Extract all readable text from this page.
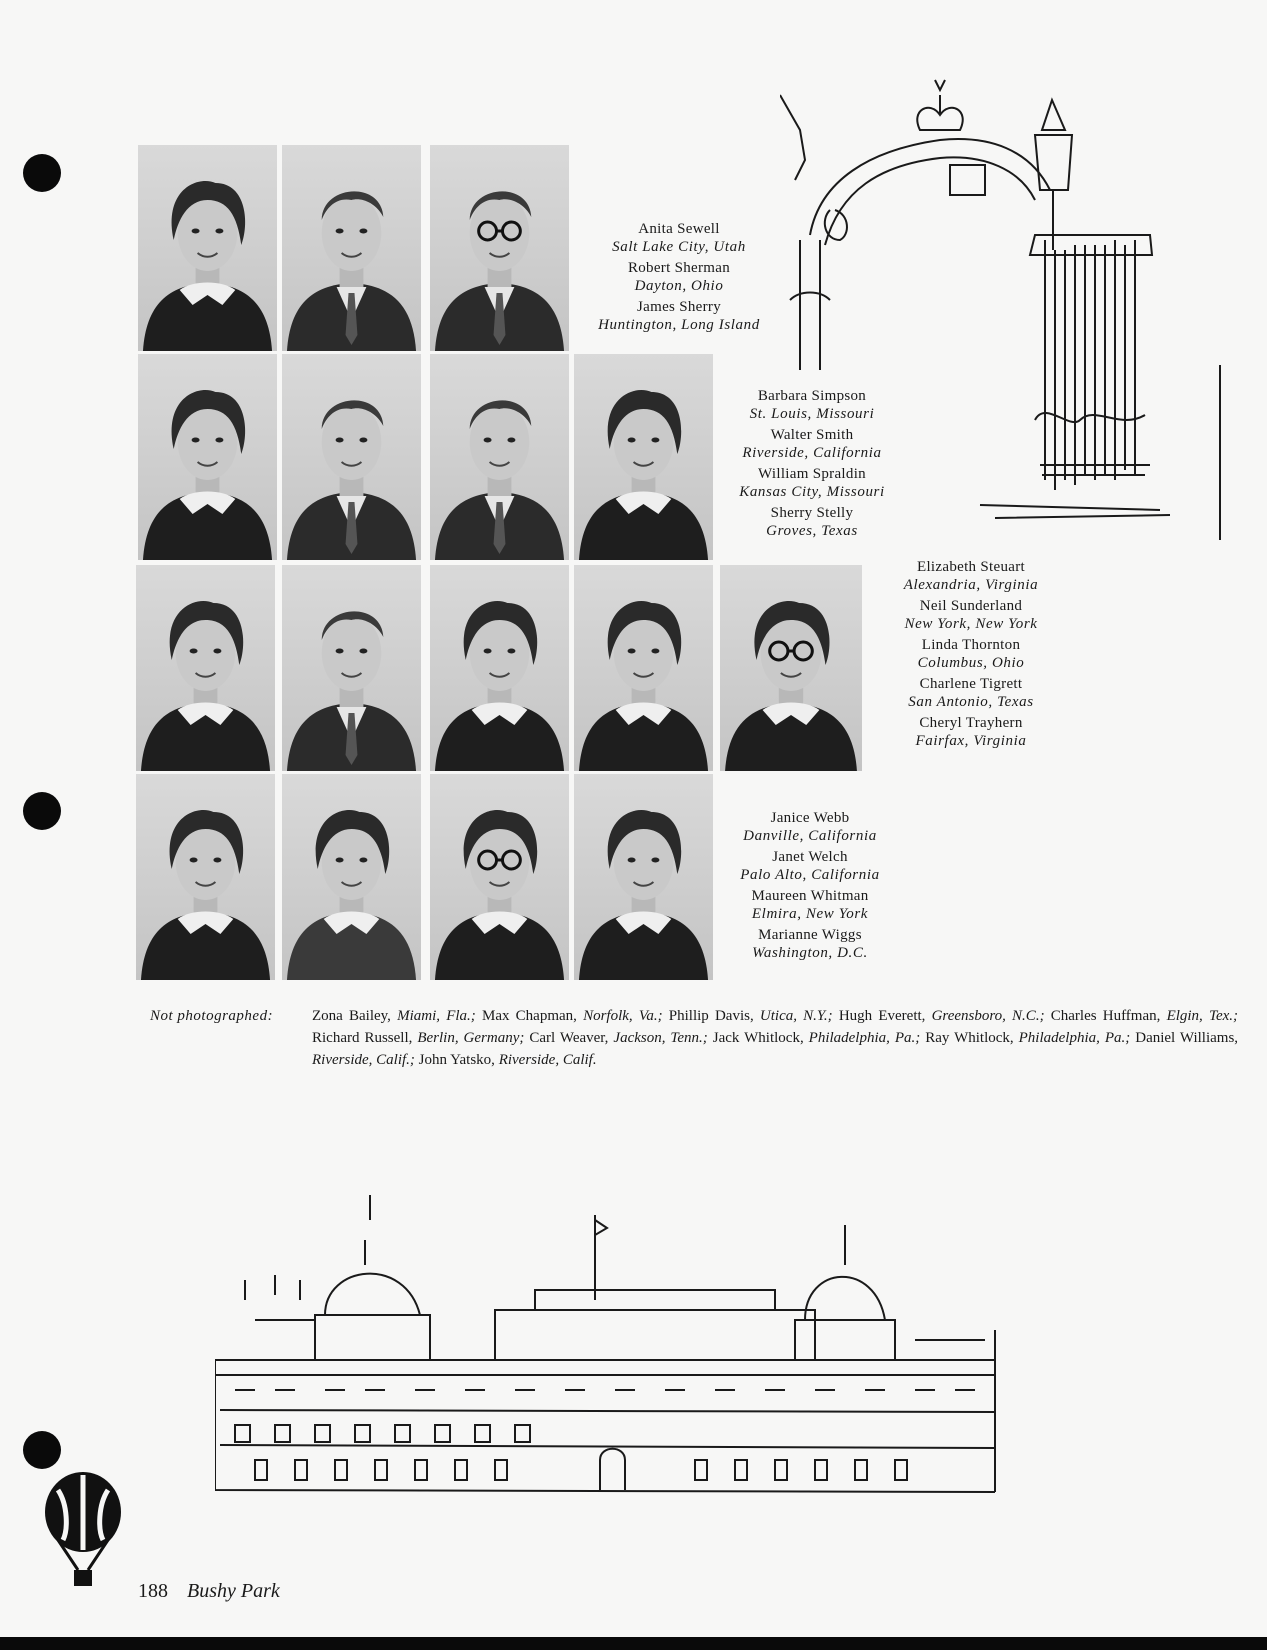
Anita Sewell
Salt Lake City, Utah
Robert Sherman
Dayton, Ohio
James Sherry
Huntington, Long Island
Barbara Simpson
St. Louis, Missouri
Walter Smith
Riverside, California
William Spraldin
Kansas City, Missouri
Sherry Stelly
Groves, Texas
Elizabeth Steuart
Alexandria, Virginia
Neil Sunderland
New York, New York
Linda Thornton
Columbus, Ohio
Charlene Tigrett
San Antonio, Texas
Cheryl Trayhern
Fairfax, Virginia
Janice Webb
Danville, California
Janet Welch
Palo Alto, California
Maureen Whitman
Elmira, New York
Marianne Wiggs
Washington, D.C.
Not photographed:	Zona Bailey, Miami, Fla.; Max Chapman, Norfolk, Va.; Phillip Davis, Utica, N.Y.; Hugh Everett, Greensboro, N.C.; Charles Huffman, Elgin, Tex.; Richard Russell, Berlin, Germany; Carl Weaver, Jackson, Tenn.; Jack Whitlock, Philadelphia, Pa.; Ray Whitlock, Philadelphia, Pa.; Daniel Williams, Riverside, Calif.; John Yatsko, Riverside, Calif.
188 Bushy Park
